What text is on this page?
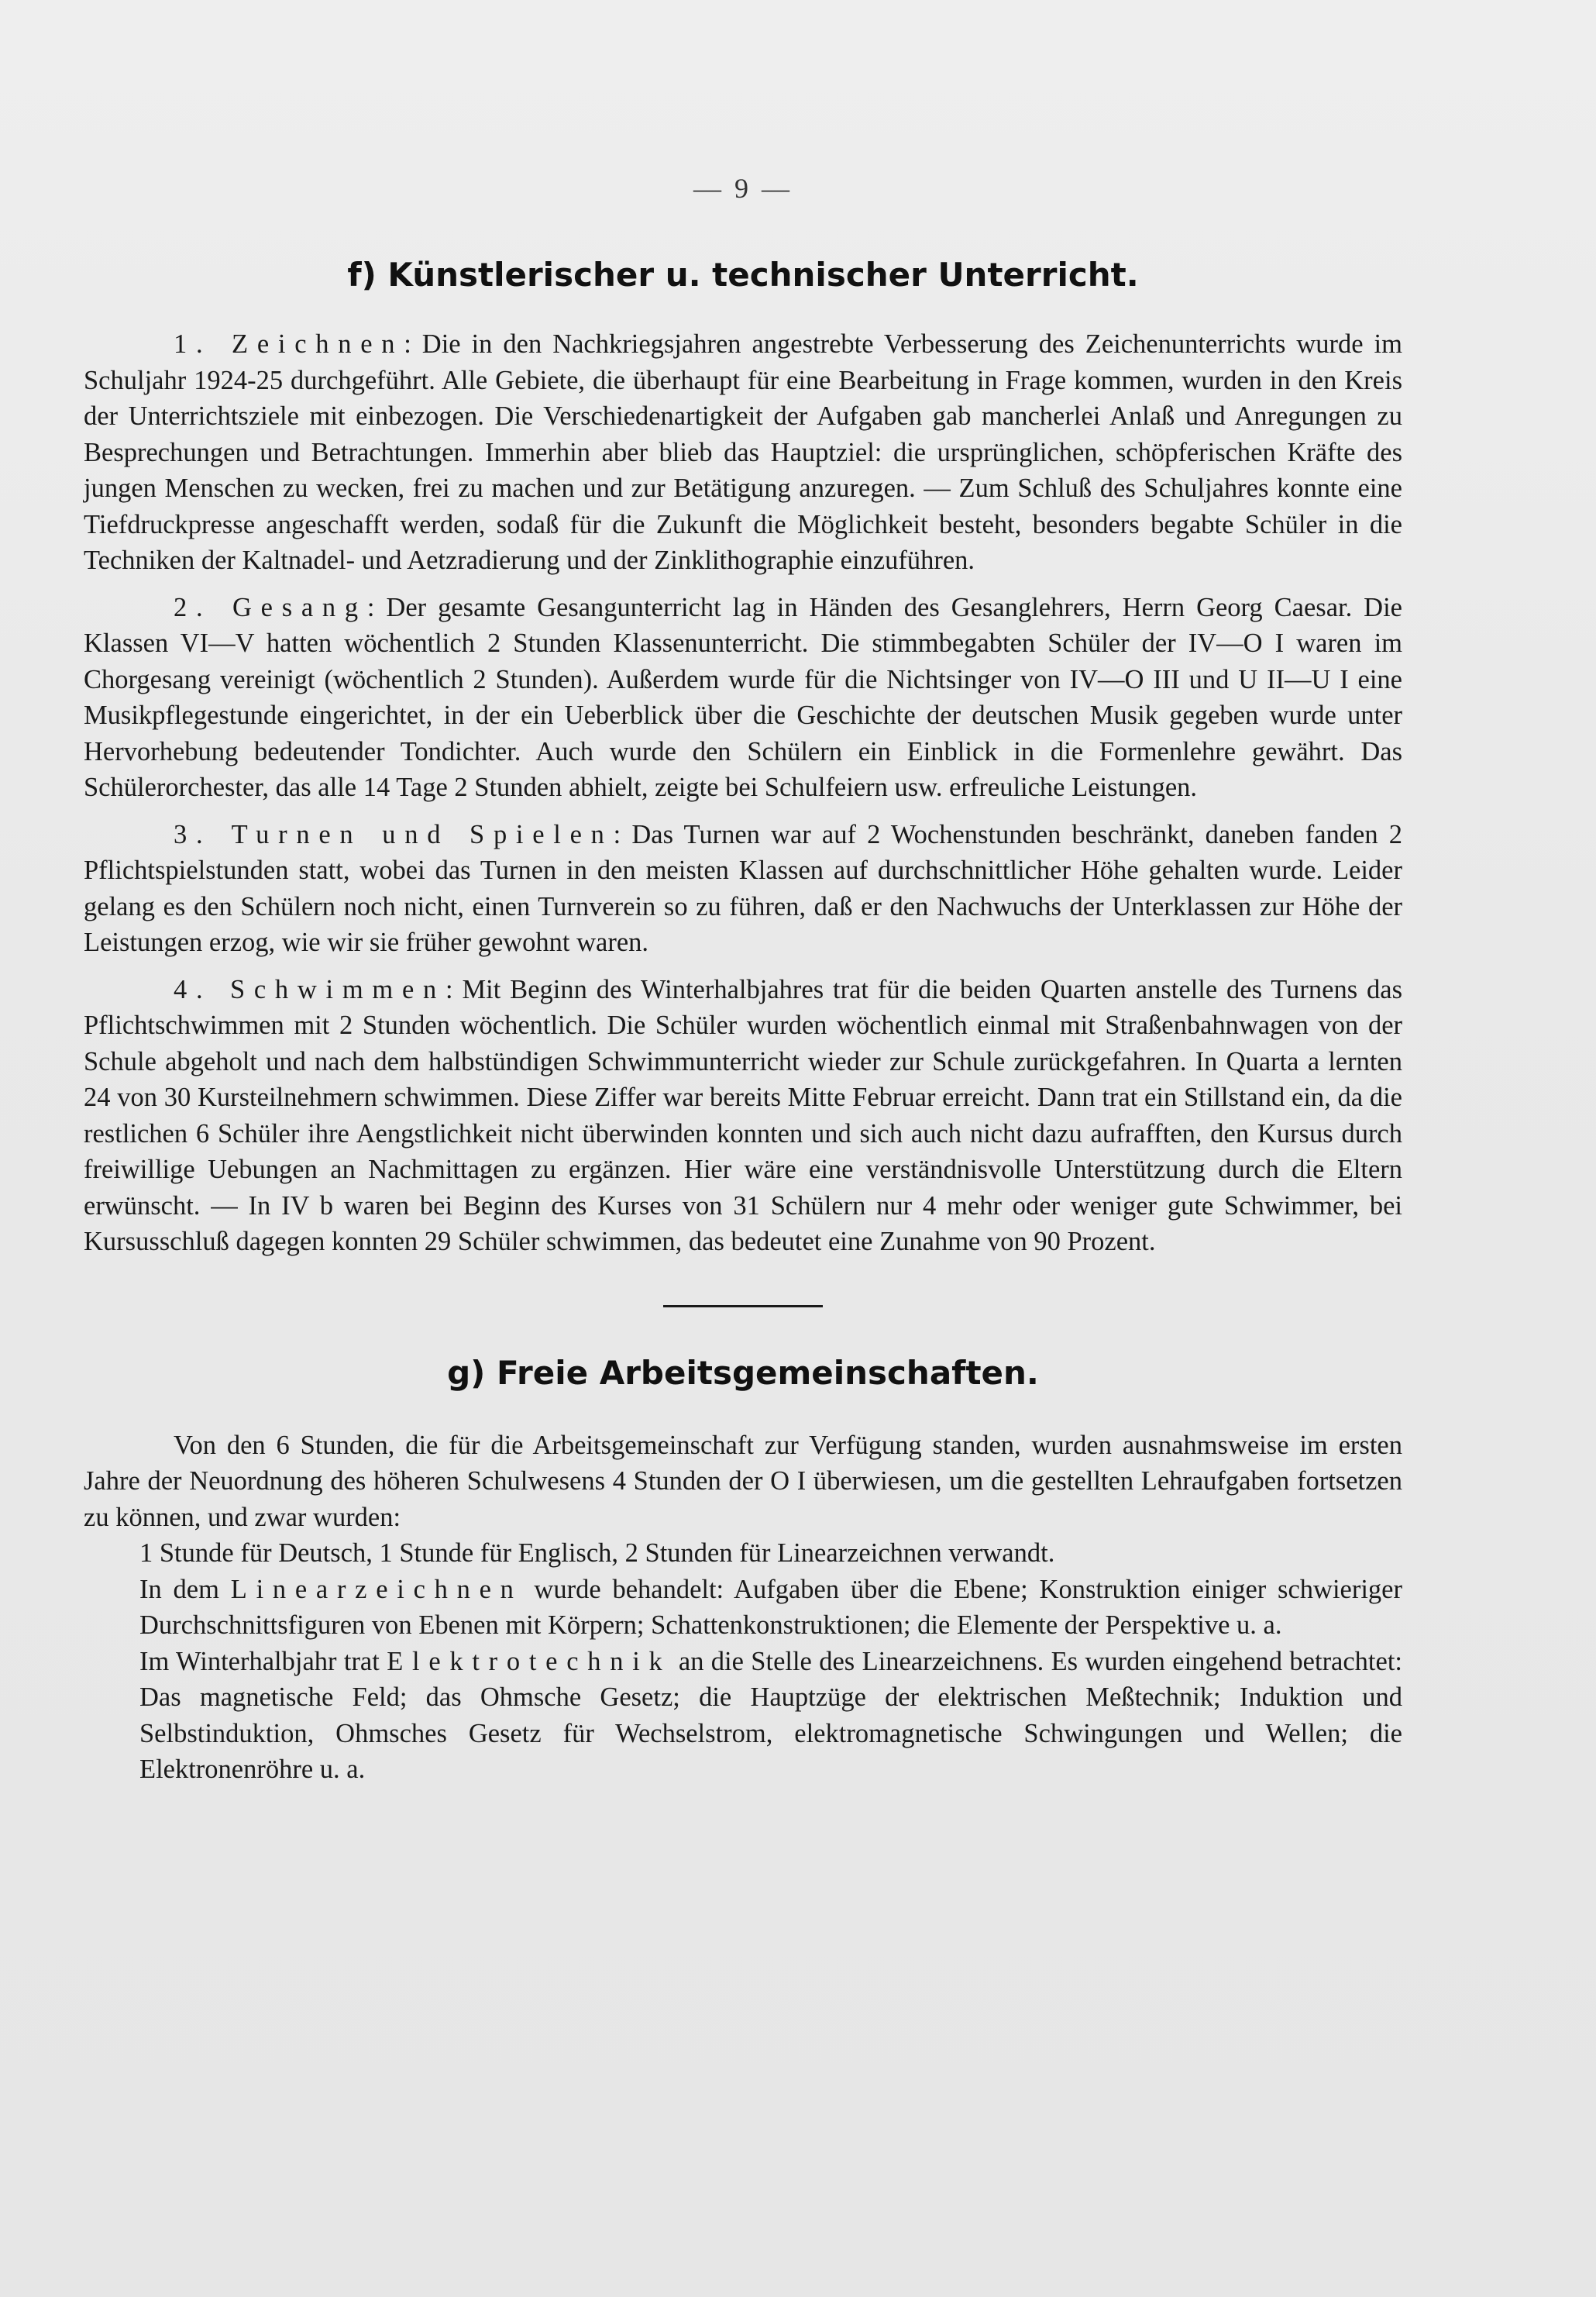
— 9 —
f) Künstlerischer u. technischer Unterricht.

1. Zeichnen: Die in den Nachkriegsjahren angestrebte Verbesserung des Zeichenunterrichts wurde im Schuljahr 1924-25 durchgeführt. Alle Gebiete, die überhaupt für eine Bearbeitung in Frage kommen, wurden in den Kreis der Unterrichtsziele mit einbezogen. Die Verschiedenartigkeit der Aufgaben gab mancherlei Anlaß und Anregungen zu Besprechungen und Betrachtungen. Immerhin aber blieb das Hauptziel: die ursprünglichen, schöpferischen Kräfte des jungen Menschen zu wecken, frei zu machen und zur Betätigung anzuregen. — Zum Schluß des Schuljahres konnte eine Tiefdruckpresse angeschafft werden, sodaß für die Zukunft die Möglichkeit besteht, besonders begabte Schüler in die Techniken der Kaltnadel- und Aetzradierung und der Zinklithographie einzuführen.

2. Gesang: Der gesamte Gesangunterricht lag in Händen des Gesanglehrers, Herrn Georg Caesar. Die Klassen VI—V hatten wöchentlich 2 Stunden Klassenunterricht. Die stimmbegabten Schüler der IV—O I waren im Chorgesang vereinigt (wöchentlich 2 Stunden). Außerdem wurde für die Nichtsinger von IV—O III und U II—U I eine Musikpflegestunde eingerichtet, in der ein Ueberblick über die Geschichte der deutschen Musik gegeben wurde unter Hervorhebung bedeutender Tondichter. Auch wurde den Schülern ein Einblick in die Formenlehre gewährt. Das Schülerorchester, das alle 14 Tage 2 Stunden abhielt, zeigte bei Schulfeiern usw. erfreuliche Leistungen.

3. Turnen und Spielen: Das Turnen war auf 2 Wochenstunden beschränkt, daneben fanden 2 Pflichtspielstunden statt, wobei das Turnen in den meisten Klassen auf durchschnittlicher Höhe gehalten wurde. Leider gelang es den Schülern noch nicht, einen Turnverein so zu führen, daß er den Nachwuchs der Unterklassen zur Höhe der Leistungen erzog, wie wir sie früher gewohnt waren.

4. Schwimmen: Mit Beginn des Winterhalbjahres trat für die beiden Quarten anstelle des Turnens das Pflichtschwimmen mit 2 Stunden wöchentlich. Die Schüler wurden wöchentlich einmal mit Straßenbahnwagen von der Schule abgeholt und nach dem halbstündigen Schwimmunterricht wieder zur Schule zurückgefahren. In Quarta a lernten 24 von 30 Kursteilnehmern schwimmen. Diese Ziffer war bereits Mitte Februar erreicht. Dann trat ein Stillstand ein, da die restlichen 6 Schüler ihre Aengstlichkeit nicht überwinden konnten und sich auch nicht dazu aufrafften, den Kursus durch freiwillige Uebungen an Nachmittagen zu ergänzen. Hier wäre eine verständnisvolle Unterstützung durch die Eltern erwünscht. — In IV b waren bei Beginn des Kurses von 31 Schülern nur 4 mehr oder weniger gute Schwimmer, bei Kursusschluß dagegen konnten 29 Schüler schwimmen, das bedeutet eine Zunahme von 90 Prozent.

g) Freie Arbeitsgemeinschaften.

Von den 6 Stunden, die für die Arbeitsgemeinschaft zur Verfügung standen, wurden ausnahmsweise im ersten Jahre der Neuordnung des höheren Schulwesens 4 Stunden der O I überwiesen, um die gestellten Lehraufgaben fortsetzen zu können, und zwar wurden:

1 Stunde für Deutsch, 1 Stunde für Englisch, 2 Stunden für Linearzeichnen verwandt.

In dem Linearzeichnen wurde behandelt: Aufgaben über die Ebene; Konstruktion einiger schwieriger Durchschnittsfiguren von Ebenen mit Körpern; Schattenkonstruktionen; die Elemente der Perspektive u. a.

Im Winterhalbjahr trat Elektrotechnik an die Stelle des Linearzeichnens. Es wurden eingehend betrachtet: Das magnetische Feld; das Ohmsche Gesetz; die Hauptzüge der elektrischen Meßtechnik; Induktion und Selbstinduktion, Ohmsches Gesetz für Wechselstrom, elektromagnetische Schwingungen und Wellen; die Elektronenröhre u. a.
